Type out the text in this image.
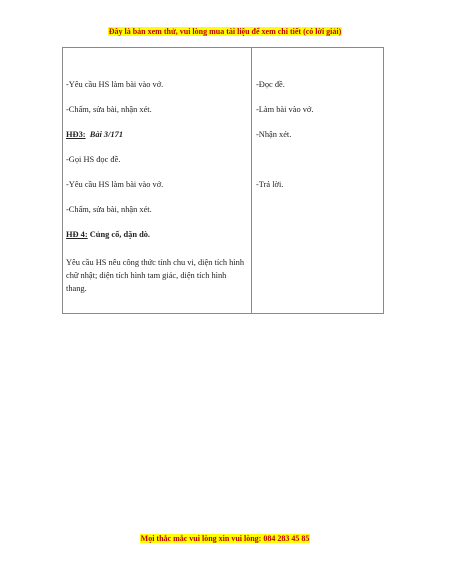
Đây là bản xem thử, vui lòng mua tài liệu để xem chi tiết (có lời giải)

-Yêu cầu HS làm bài vào vở.

-Chấm, sửa bài, nhận xét.

HĐ3: Bài 3/171

-Gọi HS đọc đề.

-Yêu cầu HS làm bài vào vở.

-Chấm, sửa bài, nhận xét.

HĐ 4: Củng cố, dặn dò.

Yêu cầu HS nêu công thức tính chu vi, diện tích hình chữ nhật; diện tích hình tam giác, diện tích hình thang.

-Đọc đề.

-Làm bài vào vở.

-Nhận xét.

-Trả lời.

Mọi thắc mắc vui lòng xin vui lòng: 084 283 45 85
